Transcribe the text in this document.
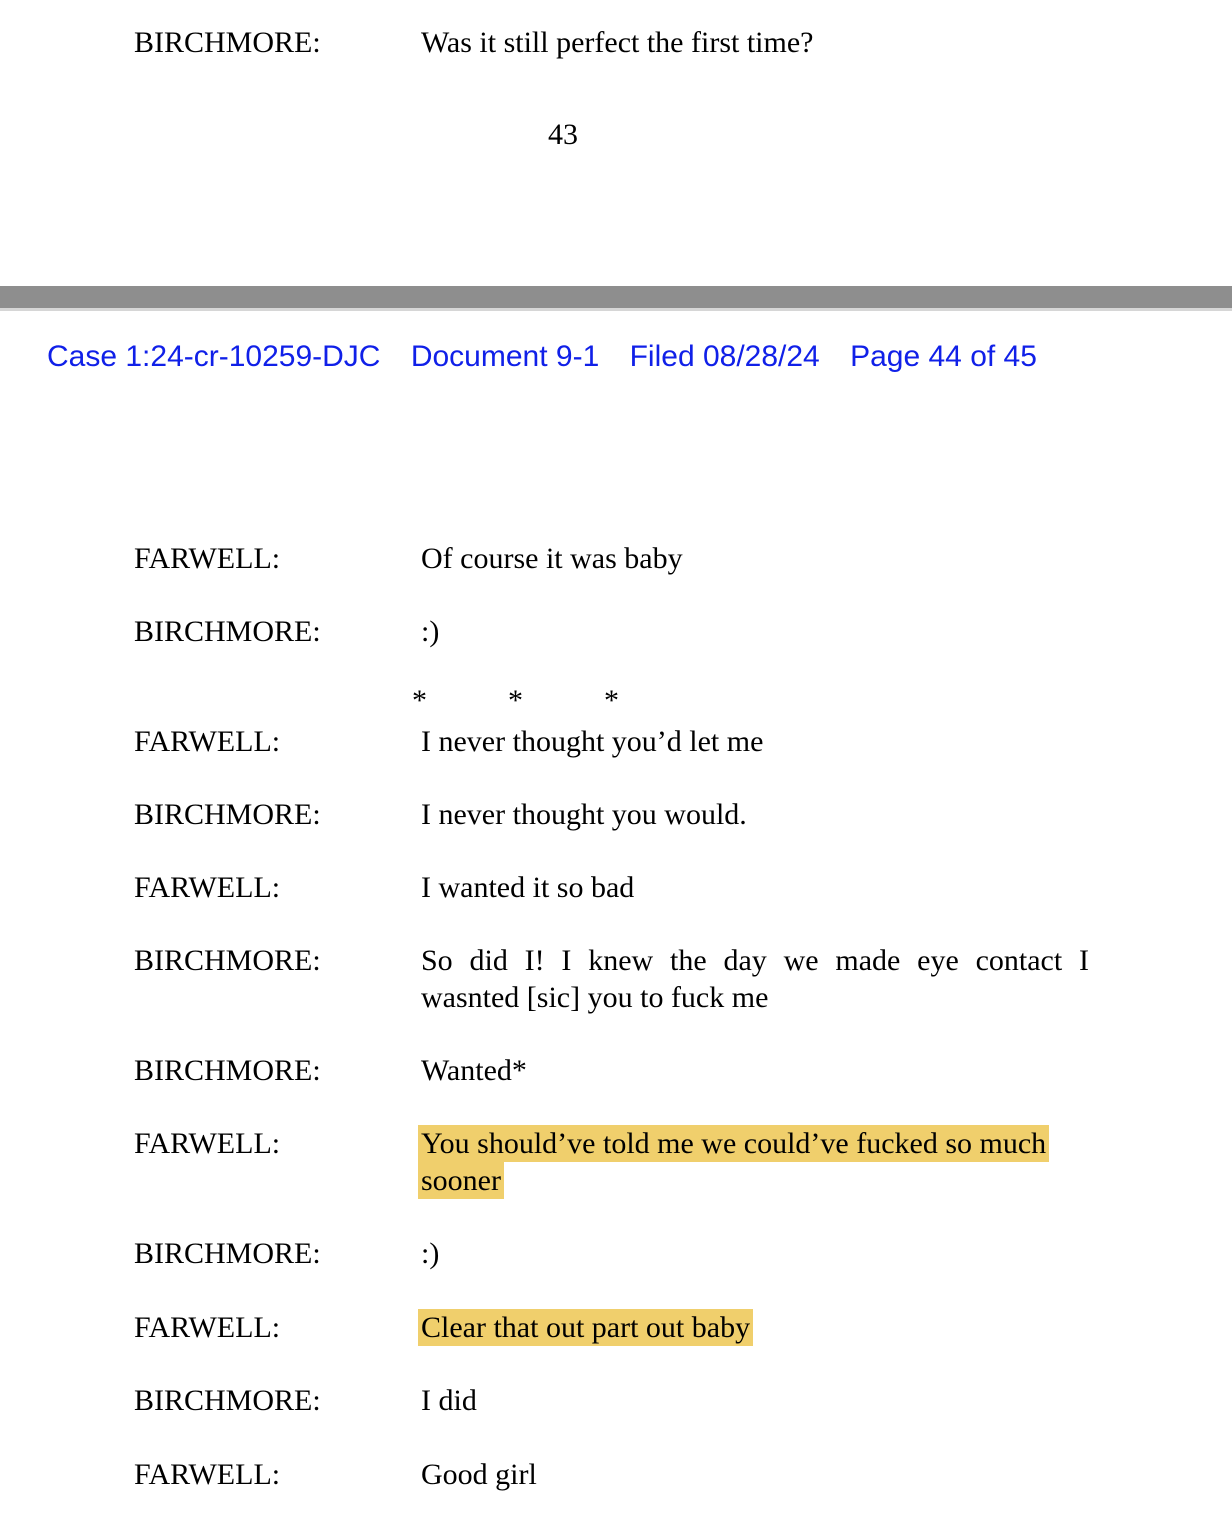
BIRCHMORE:	Was it still perfect the first time?
43
Case 1:24-cr-10259-DJC Document 9-1 Filed 08/28/24 Page 44 of 45
FARWELL:	Of course it was baby
BIRCHMORE:	:)
*	*	*
FARWELL:	I never thought you’d let me
BIRCHMORE:	I never thought you would.
FARWELL:	I wanted it so bad
BIRCHMORE:	So did I! I knew the day we made eye contact I wasnted [sic] you to fuck me
BIRCHMORE:	Wanted*
FARWELL:	You should’ve told me we could’ve fucked so much sooner
BIRCHMORE:	:)
FARWELL:	Clear that out part out baby
BIRCHMORE:	I did
FARWELL:	Good girl
